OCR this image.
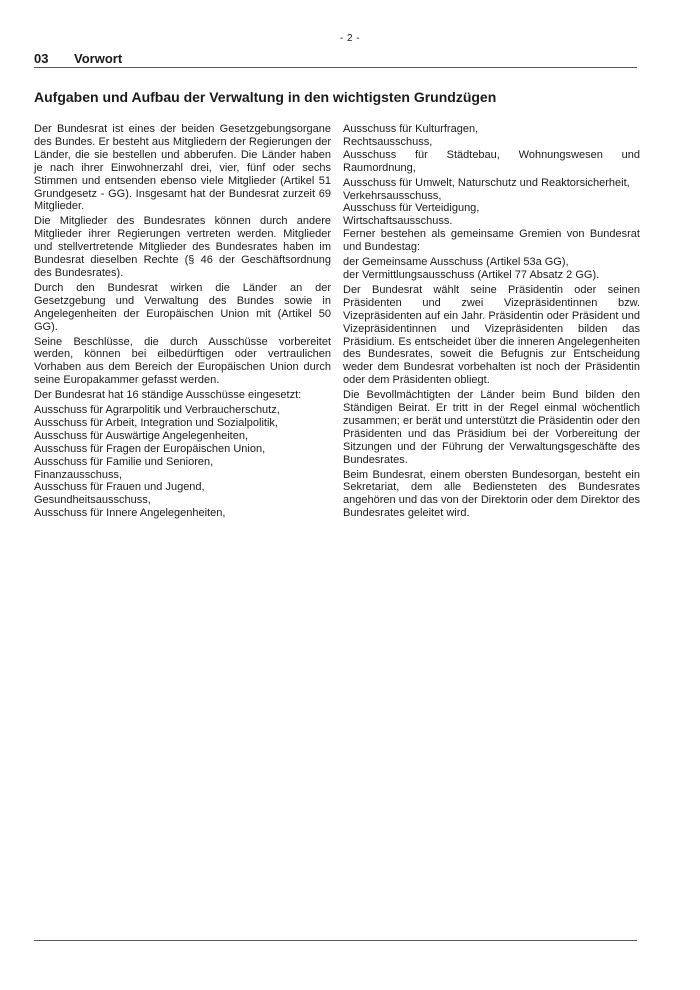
- 2 -
03 Vorwort
Aufgaben und Aufbau der Verwaltung in den wichtigsten Grundzügen

Der Bundesrat ist eines der beiden Gesetzgebungsorgane des Bundes. Er besteht aus Mitgliedern der Regierungen der Länder, die sie bestellen und abberufen. Die Länder haben je nach ihrer Einwohnerzahl drei, vier, fünf oder sechs Stimmen und entsenden ebenso viele Mitglieder (Artikel 51 Grundgesetz - GG). Insgesamt hat der Bundesrat zurzeit 69 Mitglieder.

Die Mitglieder des Bundesrates können durch andere Mitglieder ihrer Regierungen vertreten werden. Mitglieder und stellvertretende Mitglieder des Bundesrates haben im Bundesrat dieselben Rechte (§ 46 der Geschäftsordnung des Bundesrates).

Durch den Bundesrat wirken die Länder an der Gesetzgebung und Verwaltung des Bundes sowie in Angelegenheiten der Europäischen Union mit (Artikel 50 GG).

Seine Beschlüsse, die durch Ausschüsse vorbereitet werden, können bei eilbedürftigen oder vertraulichen Vorhaben aus dem Bereich der Europäischen Union durch seine Europakammer gefasst werden.

Der Bundesrat hat 16 ständige Ausschüsse eingesetzt:

Ausschuss für Agrarpolitik und Verbraucherschutz,

Ausschuss für Arbeit, Integration und Sozialpolitik,

Ausschuss für Auswärtige Angelegenheiten,

Ausschuss für Fragen der Europäischen Union,

Ausschuss für Familie und Senioren,

Finanzausschuss,

Ausschuss für Frauen und Jugend,

Gesundheitsausschuss,

Ausschuss für Innere Angelegenheiten,

Ausschuss für Kulturfragen,

Rechtsausschuss,

Ausschuss für Städtebau, Wohnungswesen und Raumordnung,

Ausschuss für Umwelt, Naturschutz und Reaktorsicherheit,

Verkehrsausschuss,

Ausschuss für Verteidigung,

Wirtschaftsausschuss.

Ferner bestehen als gemeinsame Gremien von Bundesrat und Bundestag:

der Gemeinsame Ausschuss (Artikel 53a GG),

der Vermittlungsausschuss (Artikel 77 Absatz 2 GG).

Der Bundesrat wählt seine Präsidentin oder seinen Präsidenten und zwei Vizepräsidentinnen bzw. Vizepräsidenten auf ein Jahr. Präsidentin oder Präsident und Vizepräsidentinnen und Vizepräsidenten bilden das Präsidium. Es entscheidet über die inneren Angelegenheiten des Bundesrates, soweit die Befugnis zur Entscheidung weder dem Bundesrat vorbehalten ist noch der Präsidentin oder dem Präsidenten obliegt.

Die Bevollmächtigten der Länder beim Bund bilden den Ständigen Beirat. Er tritt in der Regel einmal wöchentlich zusammen; er berät und unterstützt die Präsidentin oder den Präsidenten und das Präsidium bei der Vorbereitung der Sitzungen und der Führung der Verwaltungsgeschäfte des Bundesrates.

Beim Bundesrat, einem obersten Bundesorgan, besteht ein Sekretariat, dem alle Bediensteten des Bundesrates angehören und das von der Direktorin oder dem Direktor des Bundesrates geleitet wird.
